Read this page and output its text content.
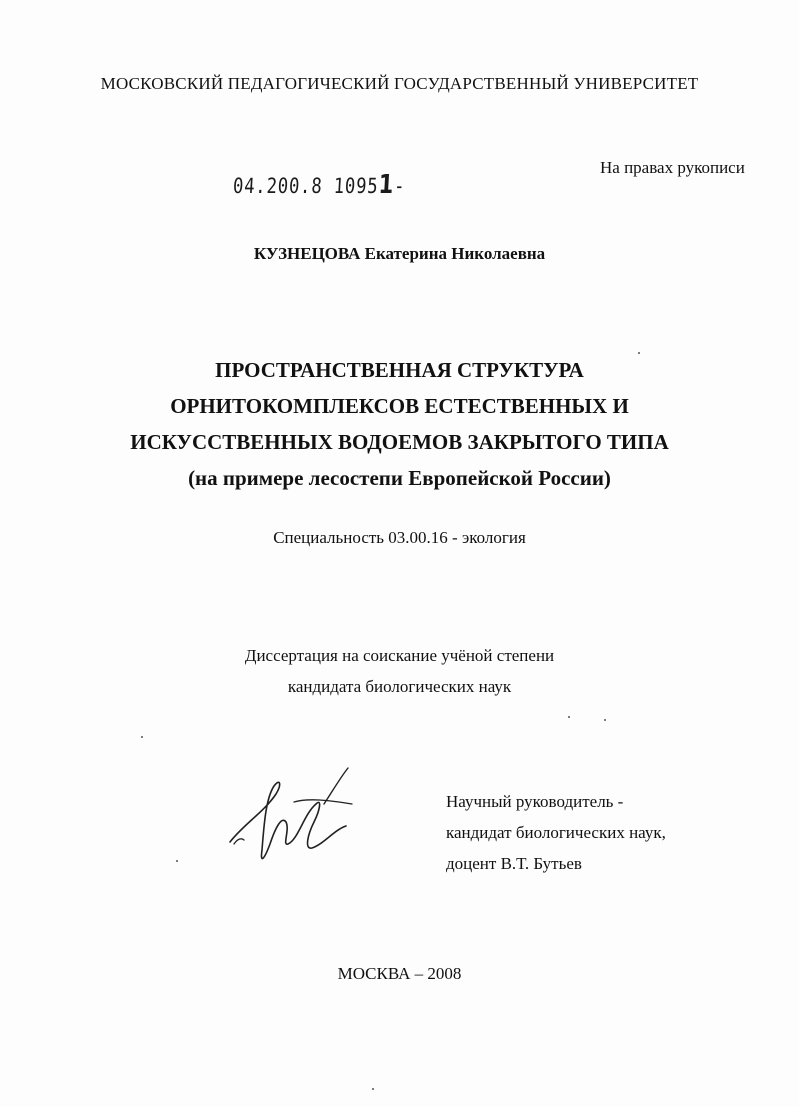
МОСКОВСКИЙ ПЕДАГОГИЧЕСКИЙ ГОСУДАРСТВЕННЫЙ УНИВЕРСИТЕТ
На правах рукописи
04.200.8 10951-
КУЗНЕЦОВА Екатерина Николаевна
ПРОСТРАНСТВЕННАЯ СТРУКТУРА
ОРНИТОКОМПЛЕКСОВ ЕСТЕСТВЕННЫХ И
ИСКУССТВЕННЫХ ВОДОЕМОВ ЗАКРЫТОГО ТИПА
(на примере лесостепи Европейской России)
Специальность 03.00.16 - экология
Диссертация на соискание учёной степени
кандидата биологических наук
Научный руководитель -
кандидат биологических наук,
доцент В.Т. Бутьев
МОСКВА – 2008
